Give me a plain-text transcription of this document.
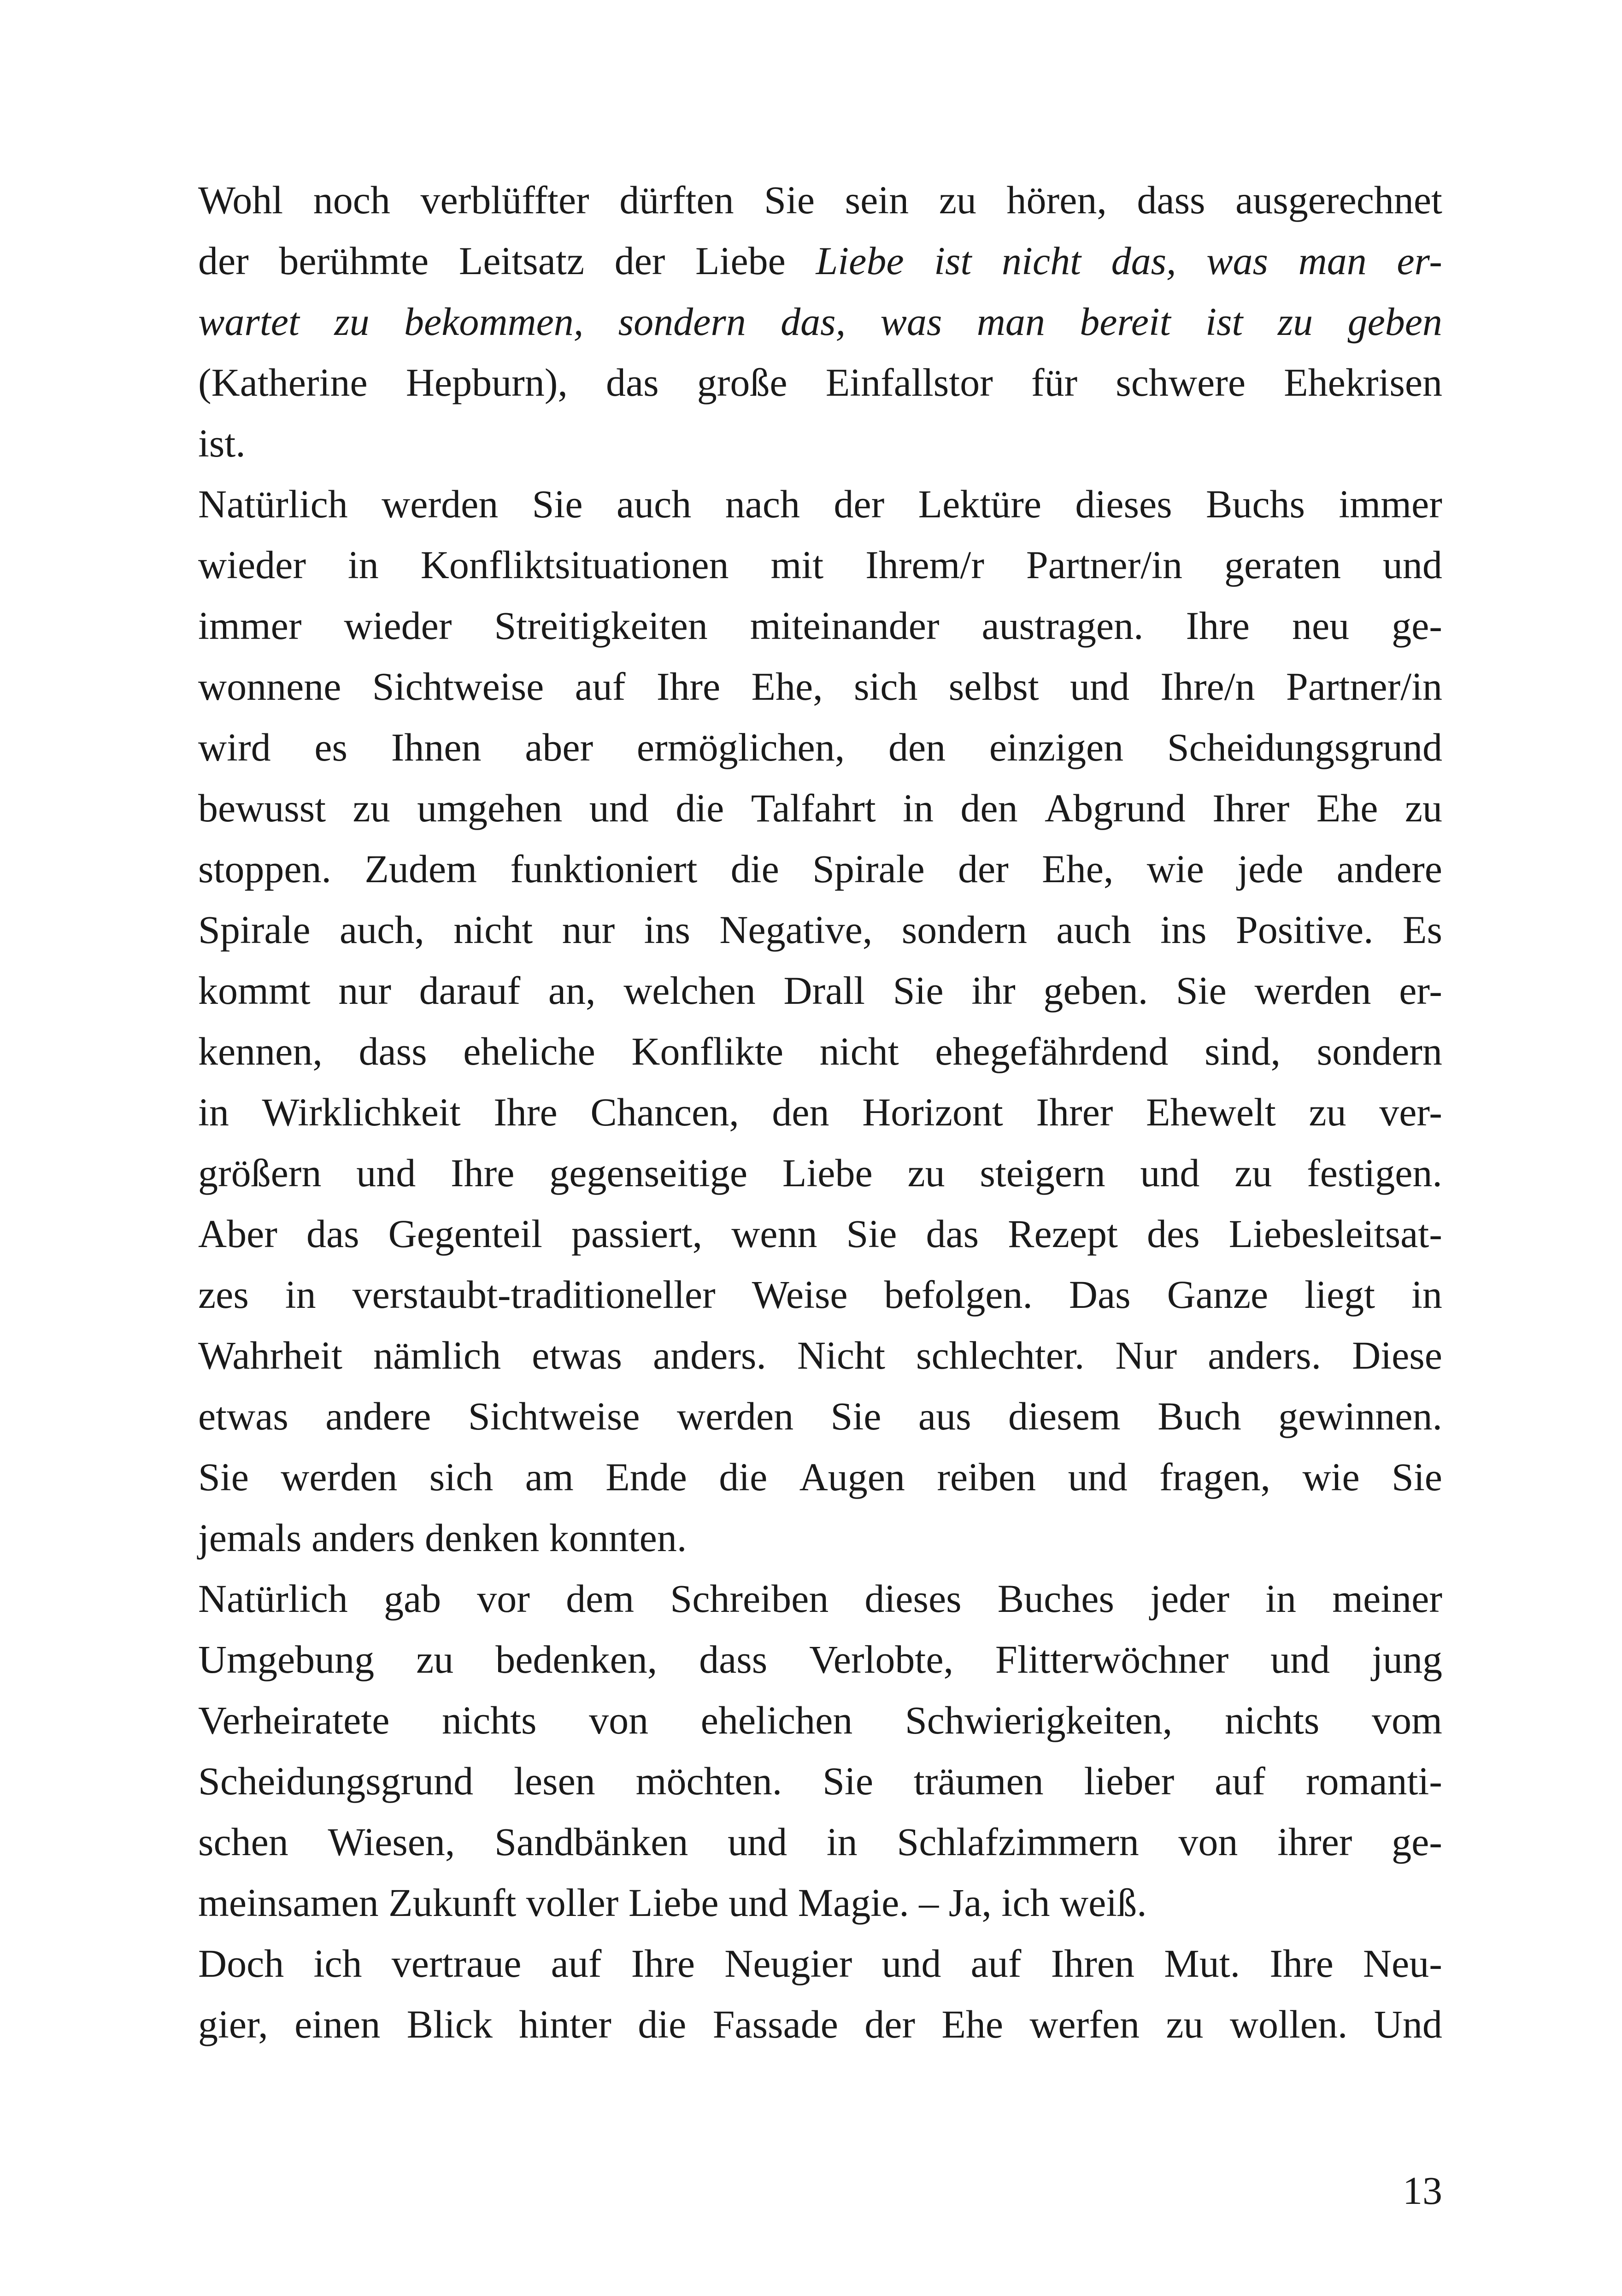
Wohl noch verblüffter dürften Sie sein zu hören, dass ausgerechnet
der berühmte Leitsatz der Liebe Liebe ist nicht das, was man er-
wartet zu bekommen, sondern das, was man bereit ist zu geben
(Katherine Hepburn), das große Einfallstor für schwere Ehekrisen
ist.
Natürlich werden Sie auch nach der Lektüre dieses Buchs immer
wieder in Konfliktsituationen mit Ihrem/r Partner/in geraten und
immer wieder Streitigkeiten miteinander austragen. Ihre neu ge-
wonnene Sichtweise auf Ihre Ehe, sich selbst und Ihre/n Partner/in
wird es Ihnen aber ermöglichen, den einzigen Scheidungsgrund
bewusst zu umgehen und die Talfahrt in den Abgrund Ihrer Ehe zu
stoppen. Zudem funktioniert die Spirale der Ehe, wie jede andere
Spirale auch, nicht nur ins Negative, sondern auch ins Positive. Es
kommt nur darauf an, welchen Drall Sie ihr geben. Sie werden er-
kennen, dass eheliche Konflikte nicht ehegefährdend sind, sondern
in Wirklichkeit Ihre Chancen, den Horizont Ihrer Ehewelt zu ver-
größern und Ihre gegenseitige Liebe zu steigern und zu festigen.
Aber das Gegenteil passiert, wenn Sie das Rezept des Liebesleitsat-
zes in verstaubt-traditioneller Weise befolgen. Das Ganze liegt in
Wahrheit nämlich etwas anders. Nicht schlechter. Nur anders. Diese
etwas andere Sichtweise werden Sie aus diesem Buch gewinnen.
Sie werden sich am Ende die Augen reiben und fragen, wie Sie
jemals anders denken konnten.
Natürlich gab vor dem Schreiben dieses Buches jeder in meiner
Umgebung zu bedenken, dass Verlobte, Flitterwöchner und jung
Verheiratete nichts von ehelichen Schwierigkeiten, nichts vom
Scheidungsgrund lesen möchten. Sie träumen lieber auf romanti-
schen Wiesen, Sandbänken und in Schlafzimmern von ihrer ge-
meinsamen Zukunft voller Liebe und Magie. – Ja, ich weiß.
Doch ich vertraue auf Ihre Neugier und auf Ihren Mut. Ihre Neu-
gier, einen Blick hinter die Fassade der Ehe werfen zu wollen. Und
13
